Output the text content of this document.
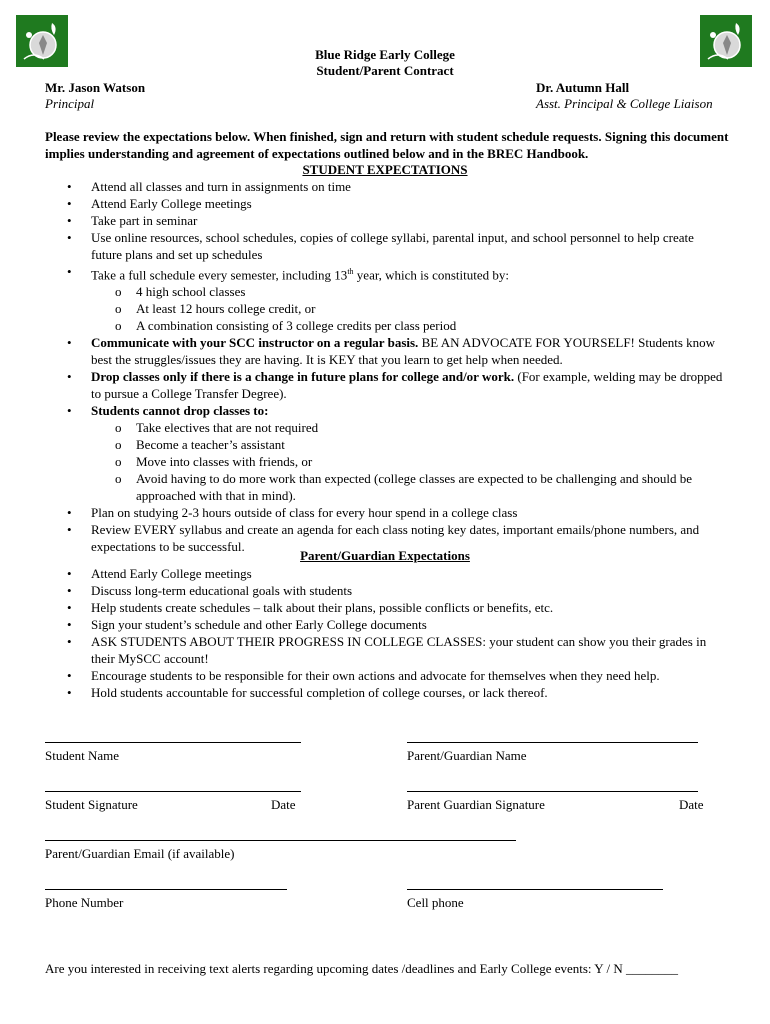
Blue Ridge Early College
Student/Parent Contract
Mr. Jason Watson
Principal
Dr. Autumn Hall
Asst. Principal & College Liaison
Please review the expectations below. When finished, sign and return with student schedule requests. Signing this document implies understanding and agreement of expectations outlined below and in the BREC Handbook.
STUDENT EXPECTATIONS
• Attend all classes and turn in assignments on time
• Attend Early College meetings
• Take part in seminar
• Use online resources, school schedules, copies of college syllabi, parental input, and school personnel to help create future plans and set up schedules
• Take a full schedule every semester, including 13th year, which is constituted by:
o 4 high school classes
o At least 12 hours college credit, or
o A combination consisting of 3 college credits per class period
• Communicate with your SCC instructor on a regular basis. BE AN ADVOCATE FOR YOURSELF! Students know best the struggles/issues they are having. It is KEY that you learn to get help when needed.
• Drop classes only if there is a change in future plans for college and/or work. (For example, welding may be dropped to pursue a College Transfer Degree).
• Students cannot drop classes to:
o Take electives that are not required
o Become a teacher’s assistant
o Move into classes with friends, or
o Avoid having to do more work than expected (college classes are expected to be challenging and should be approached with that in mind).
• Plan on studying 2-3 hours outside of class for every hour spend in a college class
• Review EVERY syllabus and create an agenda for each class noting key dates, important emails/phone numbers, and expectations to be successful.
Parent/Guardian Expectations
• Attend Early College meetings
• Discuss long-term educational goals with students
• Help students create schedules – talk about their plans, possible conflicts or benefits, etc.
• Sign your student’s schedule and other Early College documents
• ASK STUDENTS ABOUT THEIR PROGRESS IN COLLEGE CLASSES: your student can show you their grades in their MySCC account!
• Encourage students to be responsible for their own actions and advocate for themselves when they need help.
• Hold students accountable for successful completion of college courses, or lack thereof.
Student Name	Parent/Guardian Name
Student Signature	Date	Parent Guardian Signature	Date
Parent/Guardian Email (if available)
Phone Number	Cell phone
Are you interested in receiving text alerts regarding upcoming dates /deadlines and Early College events: Y / N ________
